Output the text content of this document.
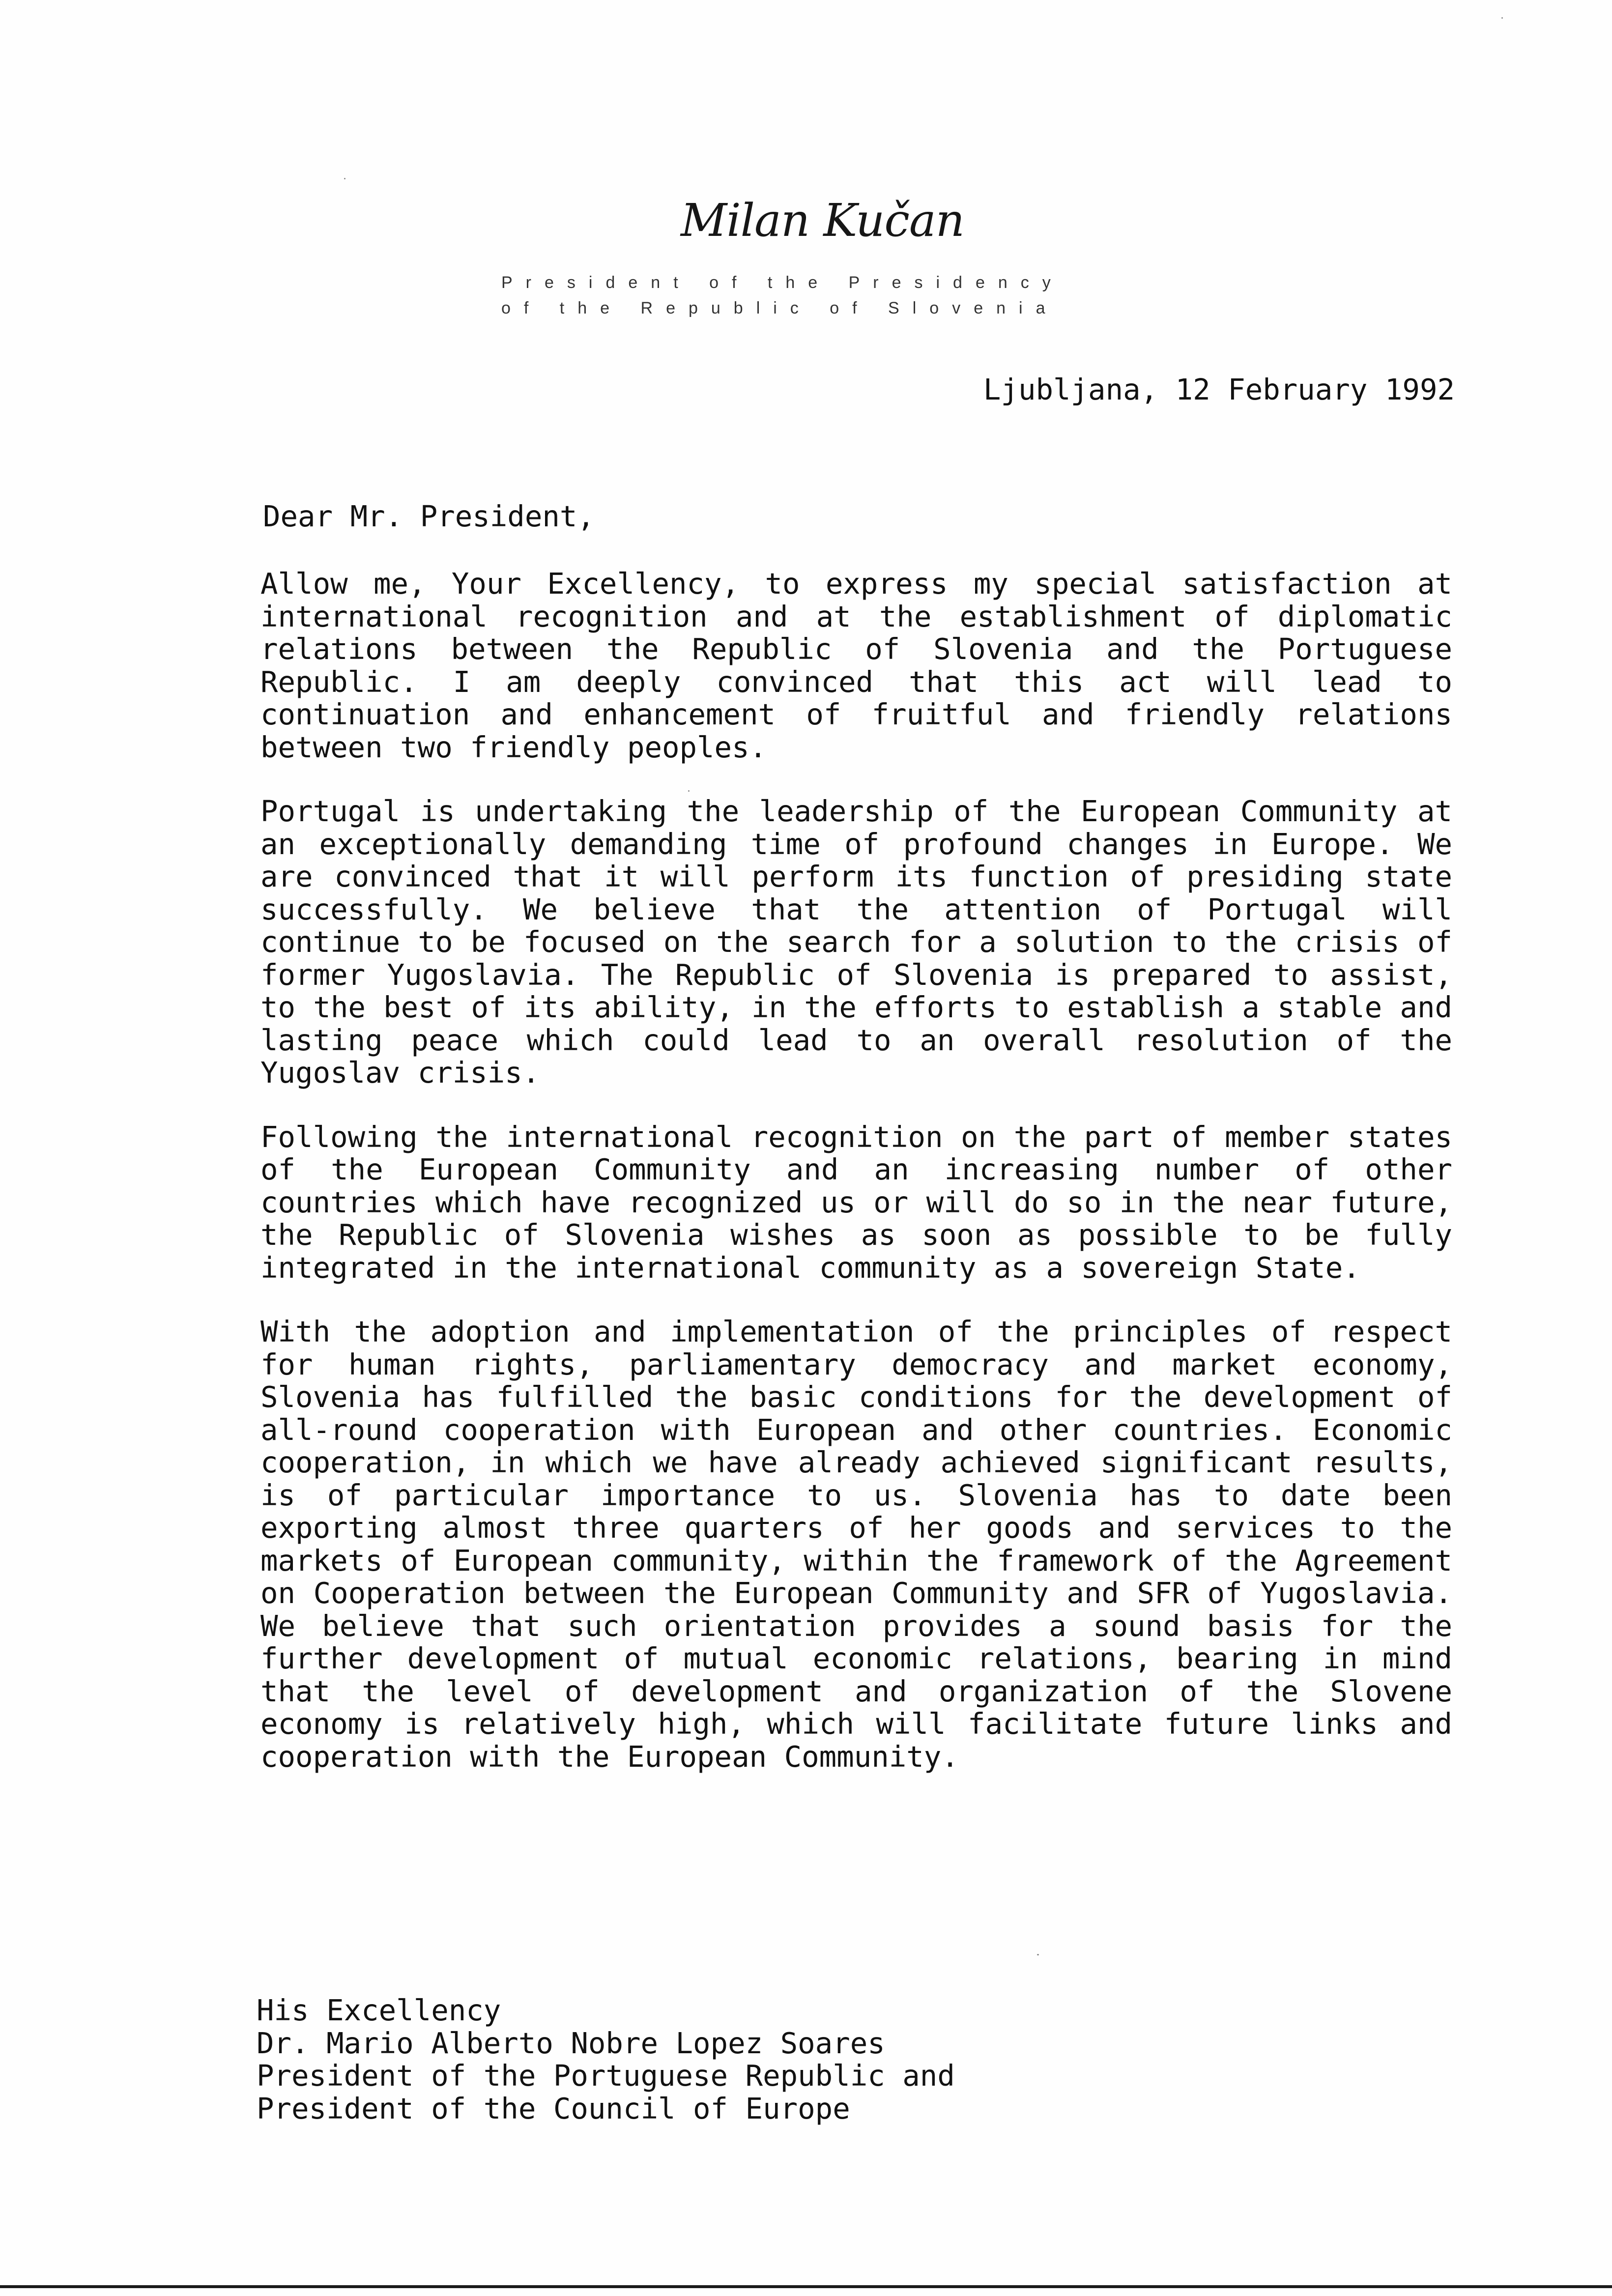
Milan Kučan
President of the Presidency
of the Republic of Slovenia
Ljubljana, 12 February 1992
Dear Mr. President,

Allow me, Your Excellency, to express my special satisfaction at international recognition and at the establishment of diplomatic relations between the Republic of Slovenia and the Portuguese Republic. I am deeply convinced that this act will lead to continuation and enhancement of fruitful and friendly relations between two friendly peoples.

Portugal is undertaking the leadership of the European Community at an exceptionally demanding time of profound changes in Europe. We are convinced that it will perform its function of presiding state successfully. We believe that the attention of Portugal will continue to be focused on the search for a solution to the crisis of former Yugoslavia. The Republic of Slovenia is prepared to assist, to the best of its ability, in the efforts to establish a stable and lasting peace which could lead to an overall resolution of the Yugoslav crisis.

Following the international recognition on the part of member states of the European Community and an increasing number of other countries which have recognized us or will do so in the near future, the Republic of Slovenia wishes as soon as possible to be fully integrated in the international community as a sovereign State.

With the adoption and implementation of the principles of respect for human rights, parliamentary democracy and market economy, Slovenia has fulfilled the basic conditions for the development of all-round cooperation with European and other countries. Economic cooperation, in which we have already achieved significant results, is of particular importance to us. Slovenia has to date been exporting almost three quarters of her goods and services to the markets of European community, within the framework of the Agreement on Cooperation between the European Community and SFR of Yugoslavia. We believe that such orientation provides a sound basis for the further development of mutual economic relations, bearing in mind that the level of development and organization of the Slovene economy is relatively high, which will facilitate future links and cooperation with the European Community.

His Excellency
Dr. Mario Alberto Nobre Lopez Soares
President of the Portuguese Republic and
President of the Council of Europe
